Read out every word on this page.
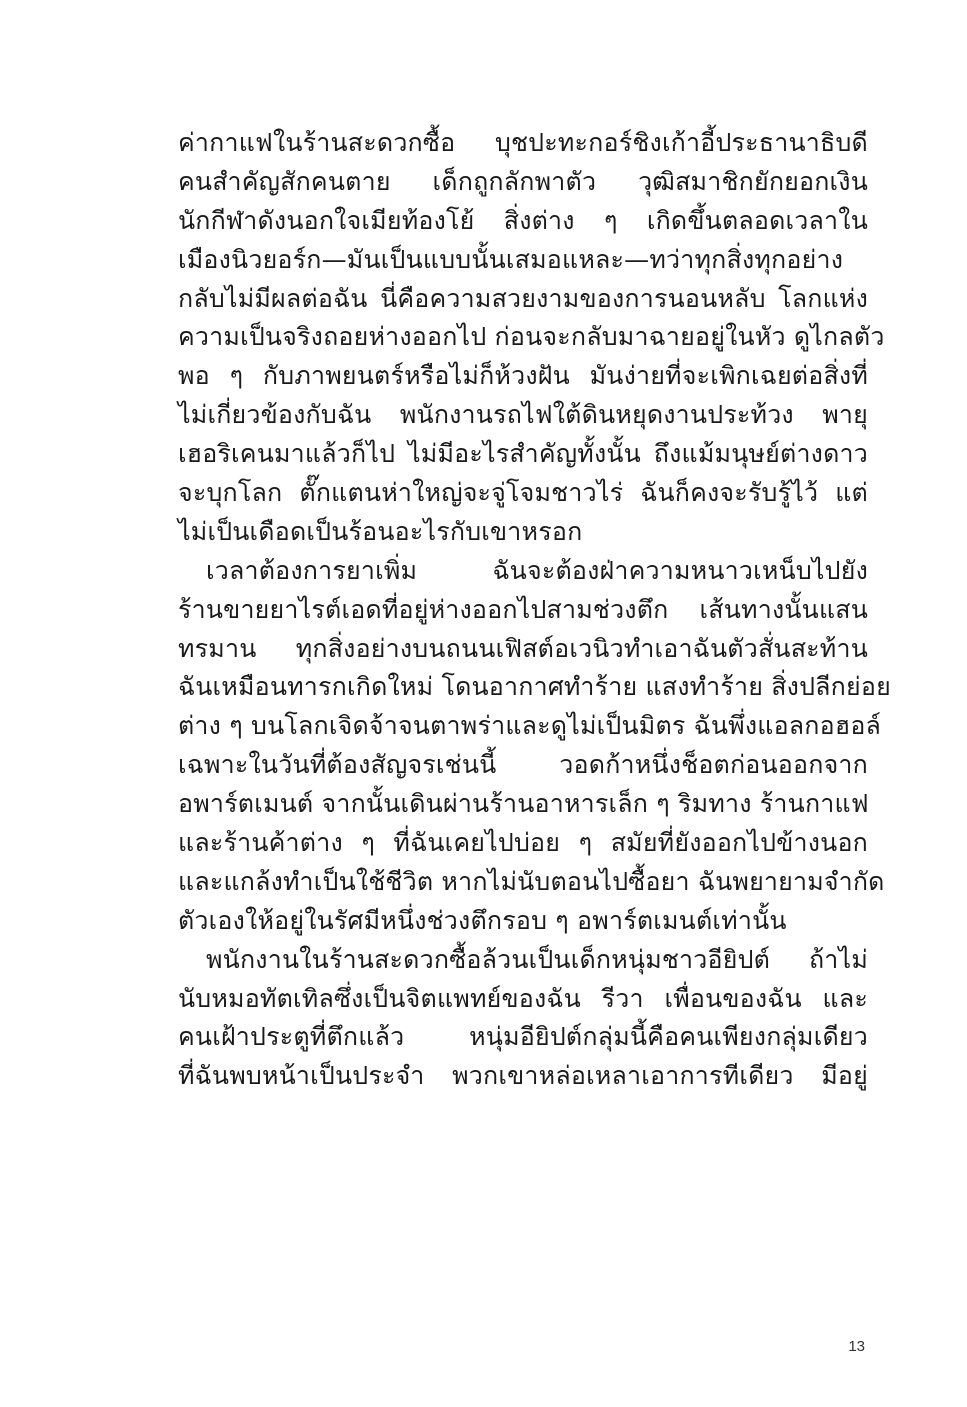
ค่ากาแฟในร้านสะดวกซื้อ บุชปะทะกอร์ชิงเก้าอี้ประธานาธิบดี
คนสำคัญสักคนตาย เด็กถูกลักพาตัว วุฒิสมาชิกยักยอกเงิน
นักกีฬาดังนอกใจเมียท้องโย้ สิ่งต่าง ๆ เกิดขึ้นตลอดเวลาใน
เมืองนิวยอร์ก—มันเป็นแบบนั้นเสมอแหละ—ทว่าทุกสิ่งทุกอย่าง
กลับไม่มีผลต่อฉัน นี่คือความสวยงามของการนอนหลับ โลกแห่ง
ความเป็นจริงถอยห่างออกไป ก่อนจะกลับมาฉายอยู่ในหัว ดูไกลตัว
พอ ๆ กับภาพยนตร์หรือไม่ก็ห้วงฝัน มันง่ายที่จะเพิกเฉยต่อสิ่งที่
ไม่เกี่ยวข้องกับฉัน พนักงานรถไฟใต้ดินหยุดงานประท้วง พายุ
เฮอริเคนมาแล้วก็ไป ไม่มีอะไรสำคัญทั้งนั้น ถึงแม้มนุษย์ต่างดาว
จะบุกโลก ตั๊กแตนห่าใหญ่จะจู่โจมชาวไร่ ฉันก็คงจะรับรู้ไว้ แต่
ไม่เป็นเดือดเป็นร้อนอะไรกับเขาหรอก
เวลาต้องการยาเพิ่ม ฉันจะต้องฝ่าความหนาวเหน็บไปยัง
ร้านขายยาไรต์เอดที่อยู่ห่างออกไปสามช่วงตึก เส้นทางนั้นแสน
ทรมาน ทุกสิ่งอย่างบนถนนเฟิสต์อเวนิวทำเอาฉันตัวสั่นสะท้าน
ฉันเหมือนทารกเกิดใหม่ โดนอากาศทำร้าย แสงทำร้าย สิ่งปลีกย่อย
ต่าง ๆ บนโลกเจิดจ้าจนตาพร่าและดูไม่เป็นมิตร ฉันพึ่งแอลกอฮอล์
เฉพาะในวันที่ต้องสัญจรเช่นนี้ วอดก้าหนึ่งช็อตก่อนออกจาก
อพาร์ตเมนต์ จากนั้นเดินผ่านร้านอาหารเล็ก ๆ ริมทาง ร้านกาแฟ
และร้านค้าต่าง ๆ ที่ฉันเคยไปบ่อย ๆ สมัยที่ยังออกไปข้างนอก
และแกล้งทำเป็นใช้ชีวิต หากไม่นับตอนไปซื้อยา ฉันพยายามจำกัด
ตัวเองให้อยู่ในรัศมีหนึ่งช่วงตึกรอบ ๆ อพาร์ตเมนต์เท่านั้น
พนักงานในร้านสะดวกซื้อล้วนเป็นเด็กหนุ่มชาวอียิปต์ ถ้าไม่
นับหมอทัตเทิลซึ่งเป็นจิตแพทย์ของฉัน รีวา เพื่อนของฉัน และ
คนเฝ้าประตูที่ตึกแล้ว หนุ่มอียิปต์กลุ่มนี้คือคนเพียงกลุ่มเดียว
ที่ฉันพบหน้าเป็นประจำ พวกเขาหล่อเหลาเอาการทีเดียว มีอยู่
13
